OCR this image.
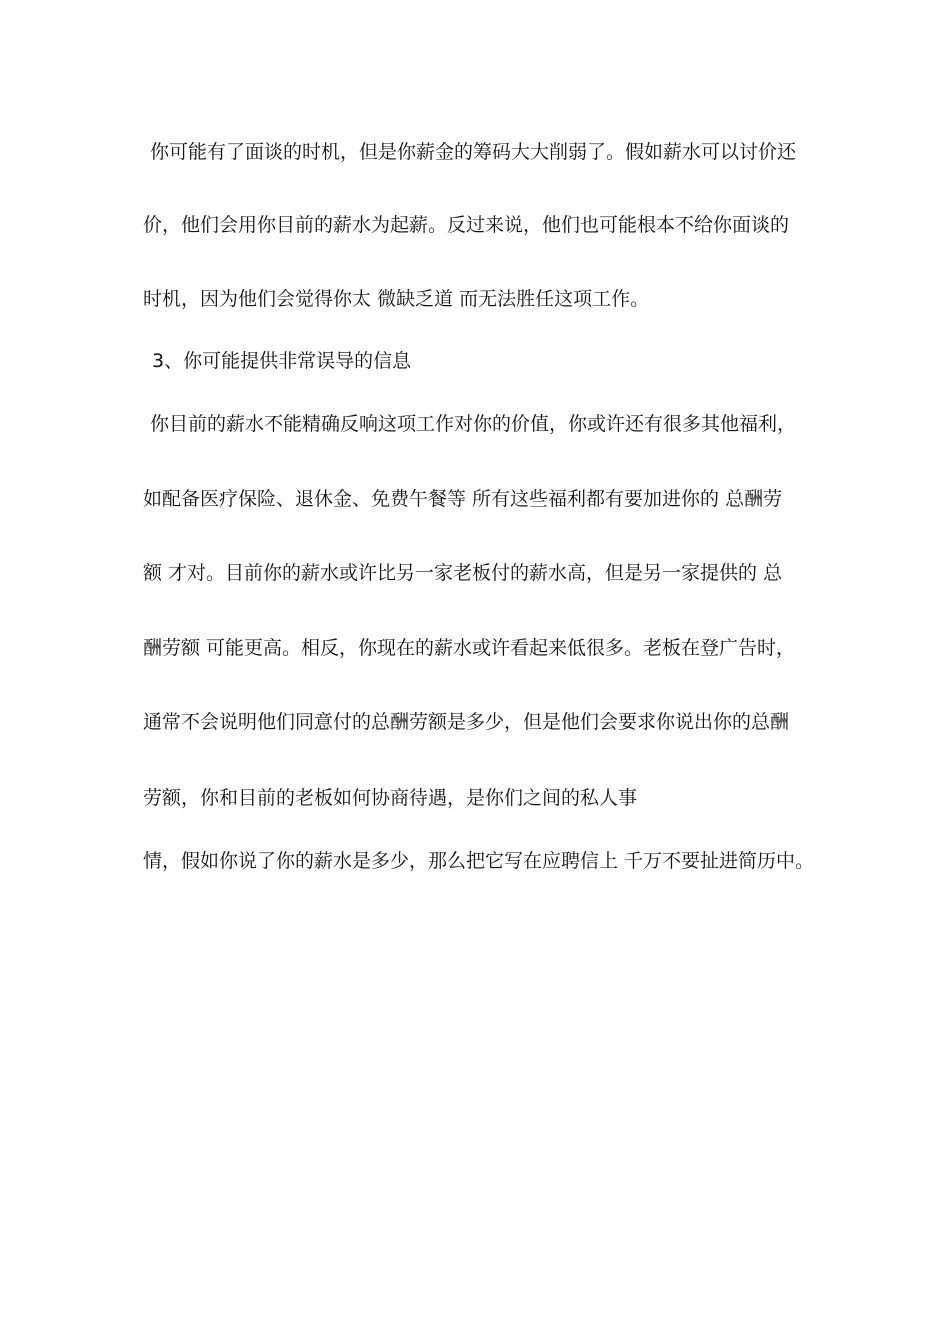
你可能有了面谈的时机，但是你薪金的筹码大大削弱了。假如薪水可以讨价还
价，他们会用你目前的薪水为起薪。反过来说，他们也可能根本不给你面谈的
时机，因为他们会觉得你太 微缺乏道 而无法胜任这项工作。
3、你可能提供非常误导的信息
你目前的薪水不能精确反响这项工作对你的价值，你或许还有很多其他福利，
如配备医疗保险、退休金、免费午餐等 所有这些福利都有要加进你的 总酬劳
额 才对。目前你的薪水或许比另一家老板付的薪水高，但是另一家提供的 总
酬劳额 可能更高。相反，你现在的薪水或许看起来低很多。老板在登广告时，
通常不会说明他们同意付的总酬劳额是多少，但是他们会要求你说出你的总酬
劳额，你和目前的老板如何协商待遇，是你们之间的私人事
情，假如你说了你的薪水是多少，那么把它写在应聘信上 千万不要扯进简历中。
